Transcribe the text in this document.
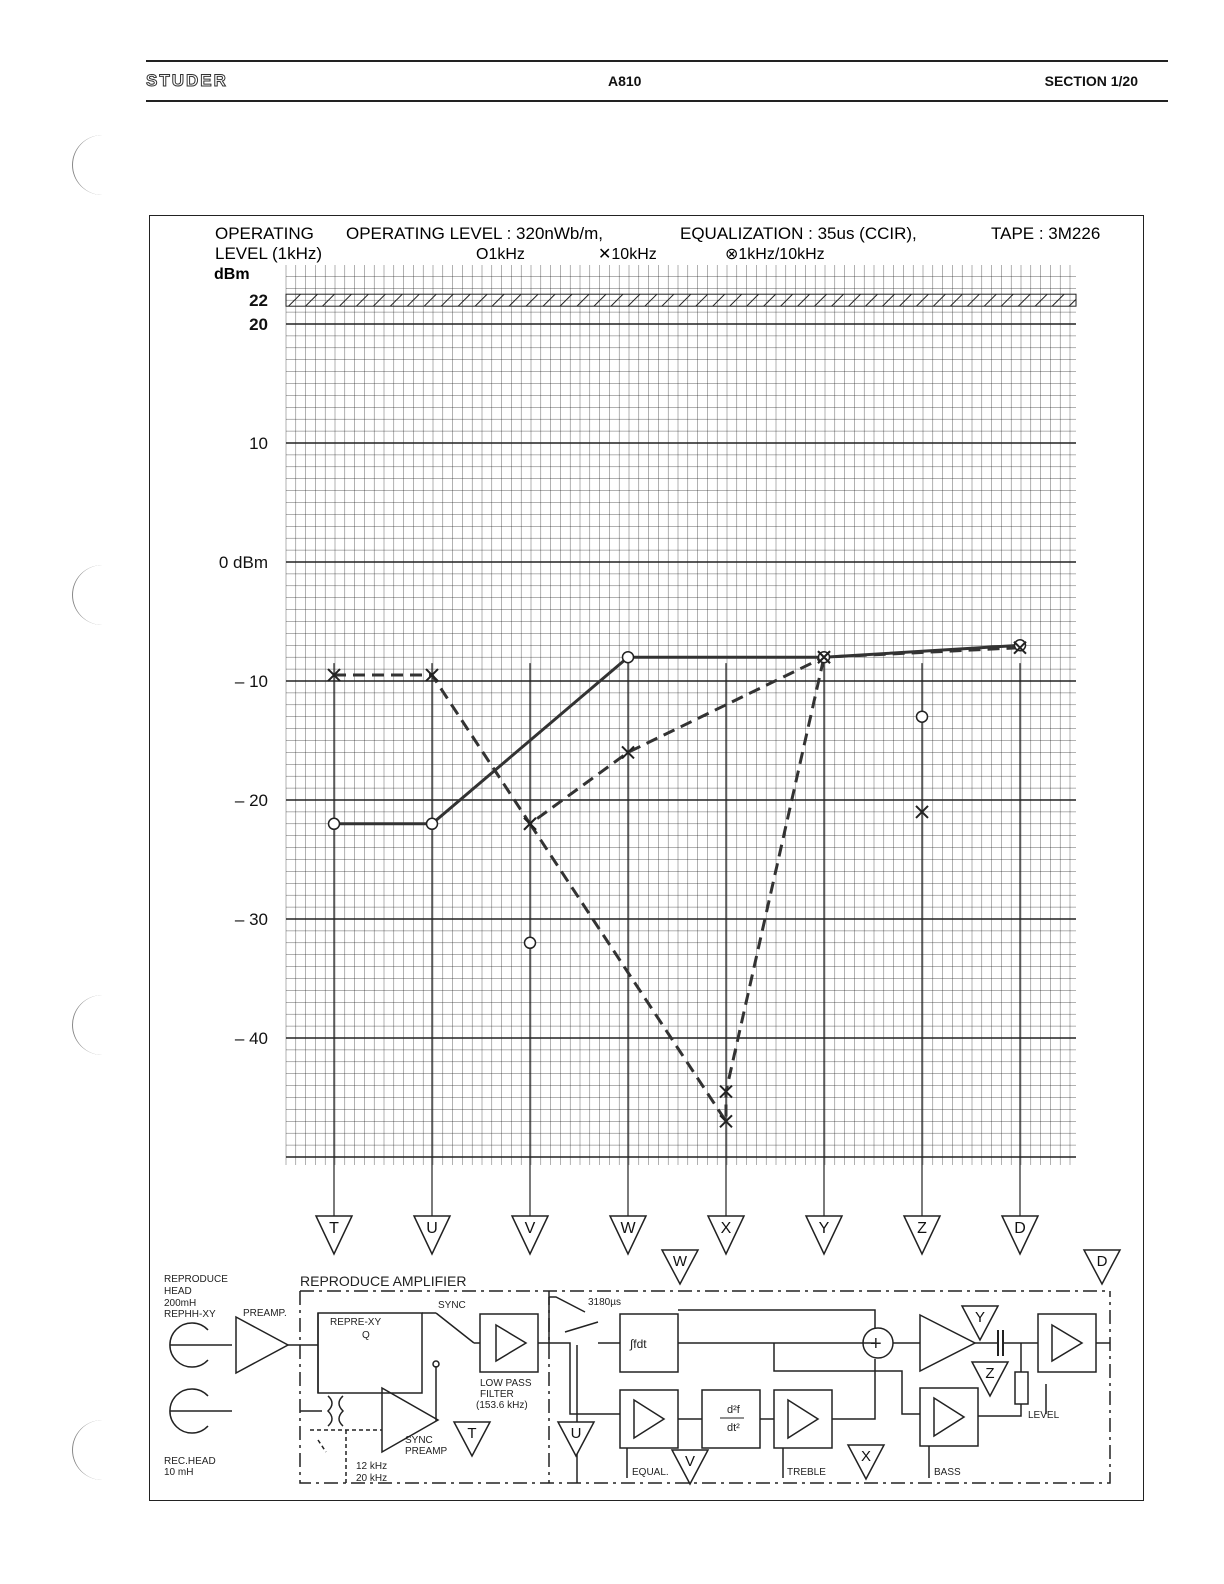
STUDER	A810	SECTION 1/20
OPERATING
LEVEL (1kHz)
OPERATING LEVEL : 320nWb/m,	EQUALIZATION : 35us (CCIR),	TAPE : 3M226
O1kHz	✕10kHz	⊗1kHz/10kHz
dBm
22
20
10
0 dBm
– 10
– 20
– 30
– 40
T	U	V	W	X	Y	Z	D
REPRODUCE AMPLIFIER
REPRODUCE
HEAD
200mH
REPHH-XY
REC.HEAD
10 mH
PREAMP.
REPRE-XY
Q
SYNC
SYNC
PREAMP
12 kHz
20 kHz
LOW PASS
FILTER
(153.6 kHz)
3180µs
∫fdt
EQUAL.
d²f
dt²
TREBLE
+
LEVEL
BASS
W	D
Y
Z
T	U
V	X
